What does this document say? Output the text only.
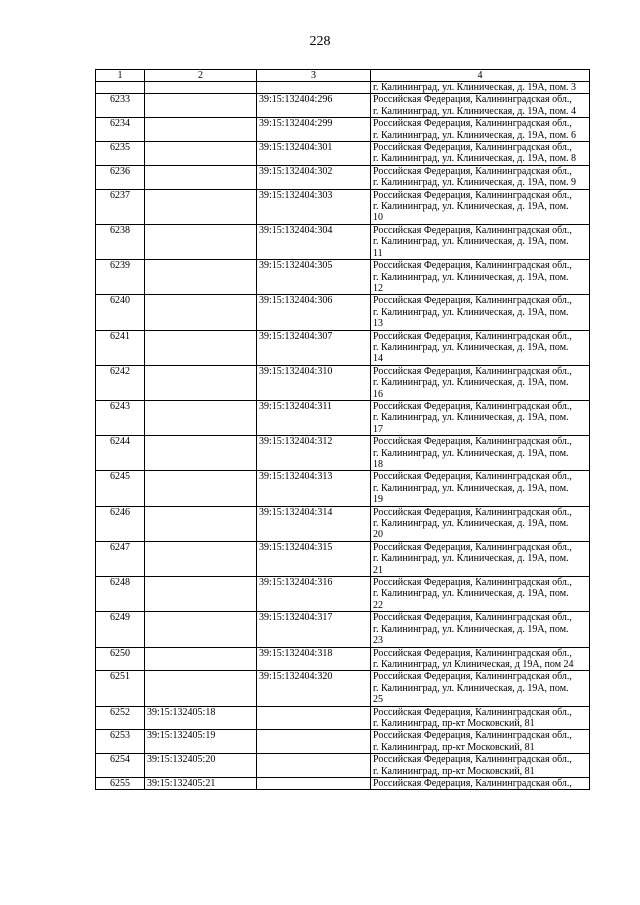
228
1	2	3	4

			г. Калининград, ул. Клиническая, д. 19А, пом. 3

6233		39:15:132404:296	Российская Федерация, Калининградская обл.,
г. Калининград, ул. Клиническая, д. 19А, пом. 4

6234		39:15:132404:299	Российская Федерация, Калининградская обл.,
г. Калининград, ул. Клиническая, д. 19А, пом. 6

6235		39:15:132404:301	Российская Федерация, Калининградская обл.,
г. Калининград, ул. Клиническая, д. 19А, пом. 8

6236		39:15:132404:302	Российская Федерация, Калининградская обл.,
г. Калининград, ул. Клиническая, д. 19А, пом. 9

6237		39:15:132404:303	Российская Федерация, Калининградская обл.,
г. Калининград, ул. Клиническая, д. 19А, пом.
10

6238		39:15:132404:304	Российская Федерация, Калининградская обл.,
г. Калининград, ул. Клиническая, д. 19А, пом.
11

6239		39:15:132404:305	Российская Федерация, Калининградская обл.,
г. Калининград, ул. Клиническая, д. 19А, пом.
12

6240		39:15:132404:306	Российская Федерация, Калининградская обл.,
г. Калининград, ул. Клиническая, д. 19А, пом.
13

6241		39:15:132404:307	Российская Федерация, Калининградская обл.,
г. Калининград, ул. Клиническая, д. 19А, пом.
14

6242		39:15:132404:310	Российская Федерация, Калининградская обл.,
г. Калининград, ул. Клиническая, д. 19А, пом.
16

6243		39:15:132404:311	Российская Федерация, Калининградская обл.,
г. Калининград, ул. Клиническая, д. 19А, пом.
17

6244		39:15:132404:312	Российская Федерация, Калининградская обл.,
г. Калининград, ул. Клиническая, д. 19А, пом.
18

6245		39:15:132404:313	Российская Федерация, Калининградская обл.,
г. Калининград, ул. Клиническая, д. 19А, пом.
19

6246		39:15:132404:314	Российская Федерация, Калининградская обл.,
г. Калининград, ул. Клиническая, д. 19А, пом.
20

6247		39:15:132404:315	Российская Федерация, Калининградская обл.,
г. Калининград, ул. Клиническая, д. 19А, пом.
21

6248		39:15:132404:316	Российская Федерация, Калининградская обл.,
г. Калининград, ул. Клиническая, д. 19А, пом.
22

6249		39:15:132404:317	Российская Федерация, Калининградская обл.,
г. Калининград, ул. Клиническая, д. 19А, пом.
23

6250		39:15:132404:318	Российская Федерация, Калининградская обл.,
г. Калининград, ул Клиническая, д 19А, пом 24

6251		39:15:132404:320	Российская Федерация, Калининградская обл.,
г. Калининград, ул. Клиническая, д. 19А, пом.
25

6252	39:15:132405:18		Российская Федерация, Калининградская обл.,
г. Калининград, пр-кт Московский, 81

6253	39:15:132405:19		Российская Федерация, Калининградская обл.,
г. Калининград, пр-кт Московский, 81

6254	39:15:132405:20		Российская Федерация, Калининградская обл.,
г. Калининград, пр-кт Московский, 81

6255	39:15:132405:21		Российская Федерация, Калининградская обл.,
